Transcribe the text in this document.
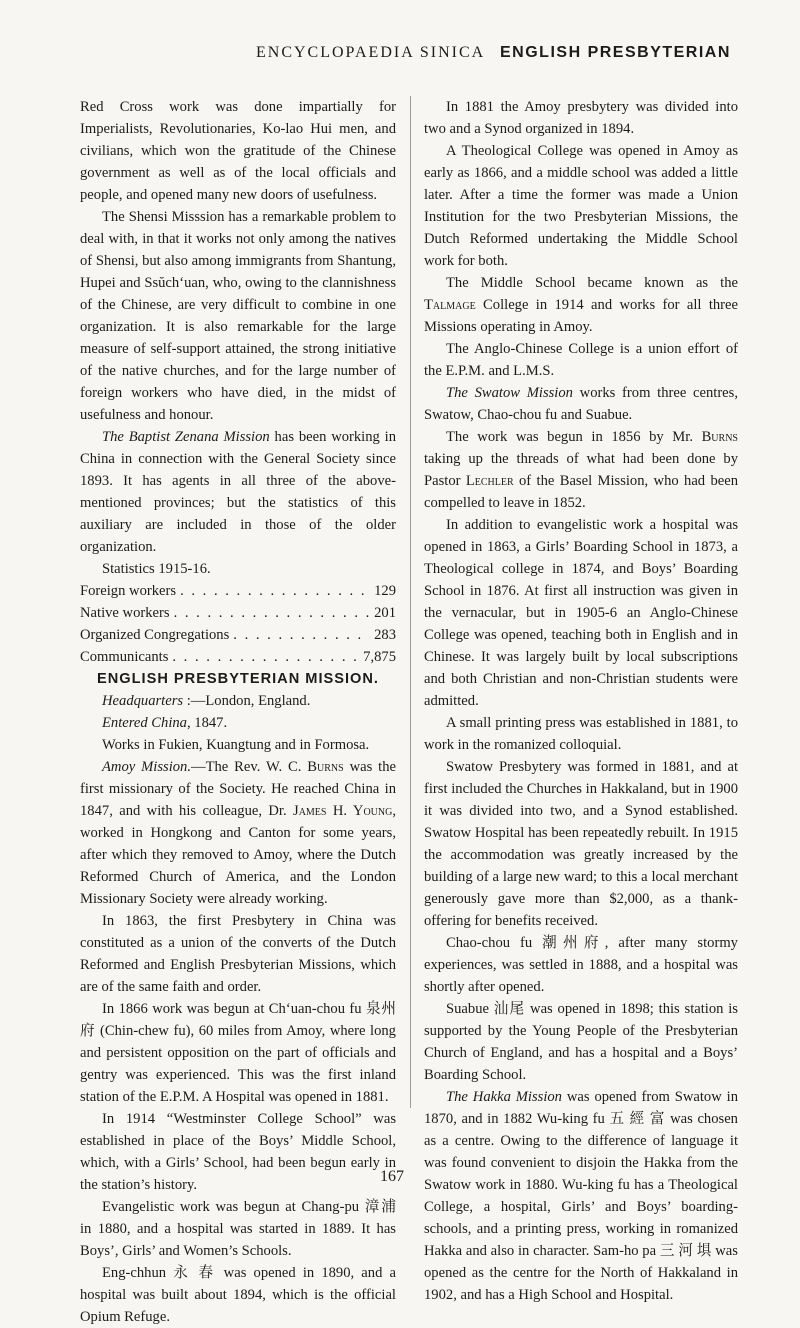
ENCYCLOPAEDIA SINICA ENGLISH PRESBYTERIAN

Red Cross work was done impartially for Imperialists, Revolutionaries, Ko-lao Hui men, and civilians, which won the gratitude of the Chinese government as well as of the local officials and people, and opened many new doors of usefulness.

The Shensi Misssion has a remarkable problem to deal with, in that it works not only among the natives of Shensi, but also among immigrants from Shantung, Hupei and Ssŭch‘uan, who, owing to the clannishness of the Chinese, are very difficult to combine in one organization. It is also remarkable for the large measure of self-support attained, the strong initiative of the native churches, and for the large number of foreign workers who have died, in the midst of usefulness and honour.

The Baptist Zenana Mission has been working in China in connection with the General Society since 1893. It has agents in all three of the above-mentioned provinces; but the statistics of this auxiliary are included in those of the older organization.

Statistics 1915-16.

Foreign workers . . .	129
Native workers . . .	201
Organized Congregations . . .	283
Communicants . . .	7,875

ENGLISH PRESBYTERIAN MISSION.

Headquarters :—London, England.

Entered China, 1847.

Works in Fukien, Kuangtung and in Formosa.

Amoy Mission.—The Rev. W. C. Burns was the first missionary of the Society. He reached China in 1847, and with his colleague, Dr. James H. Young, worked in Hongkong and Canton for some years, after which they removed to Amoy, where the Dutch Reformed Church of America, and the London Missionary Society were already working.

In 1863, the first Presbytery in China was constituted as a union of the converts of the Dutch Reformed and English Presbyterian Missions, which are of the same faith and order.

In 1866 work was begun at Ch‘uan-chou fu 泉州府 (Chin-chew fu), 60 miles from Amoy, where long and persistent opposition on the part of officials and gentry was experienced. This was the first inland station of the E.P.M. A Hospital was opened in 1881.

In 1914 “Westminster College School” was established in place of the Boys’ Middle School, which, with a Girls’ School, had been begun early in the station’s history.

Evangelistic work was begun at Chang-pu 漳浦 in 1880, and a hospital was started in 1889. It has Boys’, Girls’ and Women’s Schools.

Eng-chhun 永 春 was opened in 1890, and a hospital was built about 1894, which is the official Opium Refuge.

In 1881 the Amoy presbytery was divided into two and a Synod organized in 1894.

A Theological College was opened in Amoy as early as 1866, and a middle school was added a little later. After a time the former was made a Union Institution for the two Presbyterian Missions, the Dutch Reformed undertaking the Middle School work for both.

The Middle School became known as the Talmage College in 1914 and works for all three Missions operating in Amoy.

The Anglo-Chinese College is a union effort of the E.P.M. and L.M.S.

The Swatow Mission works from three centres, Swatow, Chao-chou fu and Suabue.

The work was begun in 1856 by Mr. Burns taking up the threads of what had been done by Pastor Lechler of the Basel Mission, who had been compelled to leave in 1852.

In addition to evangelistic work a hospital was opened in 1863, a Girls’ Boarding School in 1873, a Theological college in 1874, and Boys’ Boarding School in 1876. At first all instruction was given in the vernacular, but in 1905-6 an Anglo-Chinese College was opened, teaching both in English and in Chinese. It was largely built by local subscriptions and both Christian and non-Christian students were admitted.

A small printing press was established in 1881, to work in the romanized colloquial.

Swatow Presbytery was formed in 1881, and at first included the Churches in Hakkaland, but in 1900 it was divided into two, and a Synod established. Swatow Hospital has been repeatedly rebuilt. In 1915 the accommodation was greatly increased by the building of a large new ward; to this a local merchant generously gave more than $2,000, as a thank-offering for benefits received.

Chao-chou fu 潮州府, after many stormy experiences, was settled in 1888, and a hospital was shortly after opened.

Suabue 汕尾 was opened in 1898; this station is supported by the Young People of the Presbyterian Church of England, and has a hospital and a Boys’ Boarding School.

The Hakka Mission was opened from Swatow in 1870, and in 1882 Wu-king fu 五 經 富 was chosen as a centre. Owing to the difference of language it was found convenient to disjoin the Hakka from the Swatow work in 1880. Wu-king fu has a Theological College, a hospital, Girls’ and Boys’ boarding-schools, and a printing press, working in romanized Hakka and also in character. Sam-ho pa 三 河 埧 was opened as the centre for the North of Hakkaland in 1902, and has a High School and Hospital.

167
